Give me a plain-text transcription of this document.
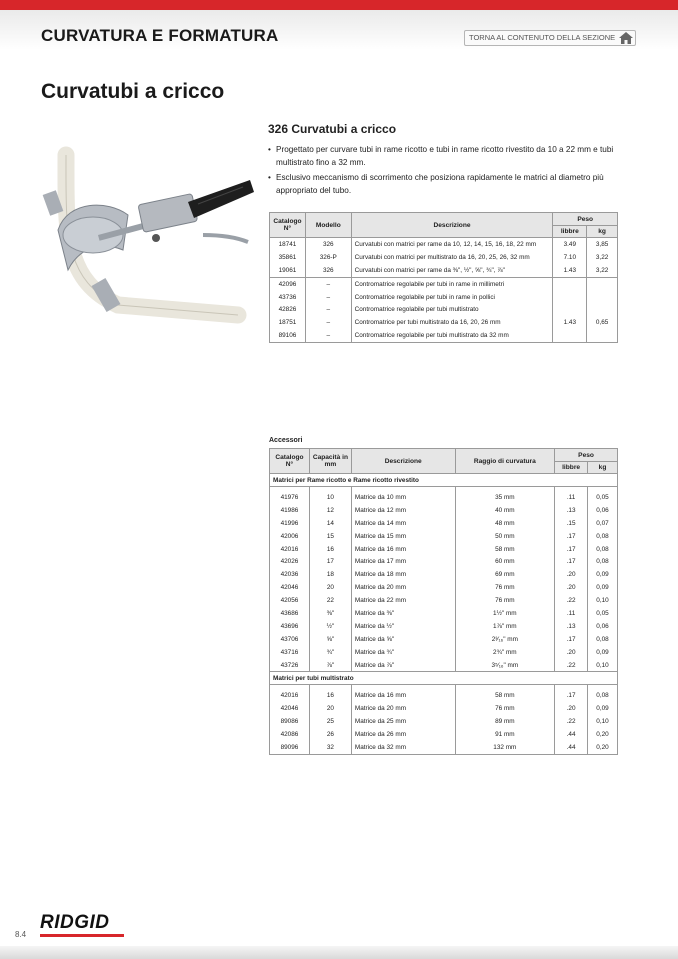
CURVATURA E FORMATURA	TORNA AL CONTENUTO DELLA SEZIONE
Curvatubi a cricco
326 Curvatubi a cricco
• Progettato per curvare tubi in rame ricotto e tubi in rame ricotto rivestito da 10 a 22 mm e tubi multistrato fino a 32 mm.
• Esclusivo meccanismo di scorrimento che posiziona rapidamente le matrici al diametro più appropriato del tubo.
Catalogo N°	Modello	Descrizione	Peso	
			libbre	kg
18741	326	Curvatubi con matrici per rame da 10, 12, 14, 15, 16, 18, 22 mm	3.49	3,85
35861	326-P	Curvatubi con matrici per multistrato da 16, 20, 25, 26, 32 mm	7.10	3,22
19061	326	Curvatubi con matrici per rame da ⅜", ½", ⅝", ¾", ⅞"	1.43	3,22
42096	–	Contromatrice regolabile per tubi in rame in millimetri		
43736	–	Contromatrice regolabile per tubi in rame in pollici		
42826	–	Contromatrice regolabile per tubi multistrato		
18751	–	Contromatrice per tubi multistrato da 16, 20, 26 mm	1.43	0,65
89106	–	Contromatrice regolabile per tubi multistrato da 32 mm		
Accessori
Catalogo N°	Capacità in mm	Descrizione	Raggio di curvatura	Peso	
				libbre	kg
Matrici per Rame ricotto e Rame ricotto rivestito					

41976	10	Matrice da 10 mm	35 mm	.11	0,05
41986	12	Matrice da 12 mm	40 mm	.13	0,06
41996	14	Matrice da 14 mm	48 mm	.15	0,07
42006	15	Matrice da 15 mm	50 mm	.17	0,08
42016	16	Matrice da 16 mm	58 mm	.17	0,08
42026	17	Matrice da 17 mm	60 mm	.17	0,08
42036	18	Matrice da 18 mm	69 mm	.20	0,09
42046	20	Matrice da 20 mm	76 mm	.20	0,09
42056	22	Matrice da 22 mm	76 mm	.22	0,10
43686	⅜"	Matrice da ⅜"	1½" mm	.11	0,05
43696	½"	Matrice da ½"	1⅞" mm	.13	0,06
43706	⅝"	Matrice da ⅝"	2³⁄₁₆" mm	.17	0,08
43716	¾"	Matrice da ¾"	2¾" mm	.20	0,09
43726	⅞"	Matrice da ⅞"	3⁵⁄₁₆" mm	.22	0,10
Matrici per tubi multistrato					

42016	16	Matrice da 16 mm	58 mm	.17	0,08
42046	20	Matrice da 20 mm	76 mm	.20	0,09
89086	25	Matrice da 25 mm	89 mm	.22	0,10
42086	26	Matrice da 26 mm	91 mm	.44	0,20
89096	32	Matrice da 32 mm	132 mm	.44	0,20
RIDGID
8.4
